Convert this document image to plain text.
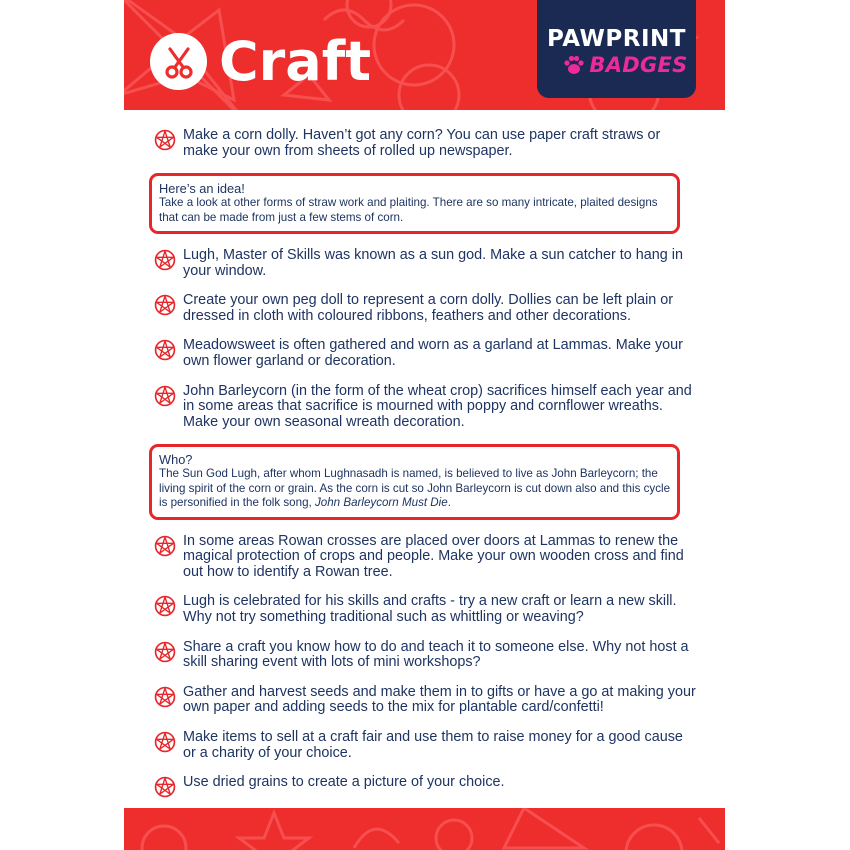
Craft	PAWPRINT
BADGES
Make a corn dolly. Haven’t got any corn? You can use paper craft straws or make your own from sheets of rolled up newspaper.
Here’s an idea!
Take a look at other forms of straw work and plaiting. There are so many intricate, plaited designs that can be made from just a few stems of corn.
Lugh, Master of Skills was known as a sun god. Make a sun catcher to hang in your window.
Create your own peg doll to represent a corn dolly. Dollies can be left plain or dressed in cloth with coloured ribbons, feathers and other decorations.
Meadowsweet is often gathered and worn as a garland at Lammas. Make your own flower garland or decoration.
John Barleycorn (in the form of the wheat crop) sacrifices himself each year and in some areas that sacrifice is mourned with poppy and cornflower wreaths. Make your own seasonal wreath decoration.
Who?
The Sun God Lugh, after whom Lughnasadh is named, is believed to live as John Barleycorn; the living spirit of the corn or grain. As the corn is cut so John Barleycorn is cut down also and this cycle is personified in the folk song, John Barleycorn Must Die.
In some areas Rowan crosses are placed over doors at Lammas to renew the magical protection of crops and people. Make your own wooden cross and find out how to identify a Rowan tree.
Lugh is celebrated for his skills and crafts - try a new craft or learn a new skill. Why not try something traditional such as whittling or weaving?
Share a craft you know how to do and teach it to someone else. Why not host a skill sharing event with lots of mini workshops?
Gather and harvest seeds and make them in to gifts or have a go at making your own paper and adding seeds to the mix for plantable card/confetti!
Make items to sell at a craft fair and use them to raise money for a good cause or a charity of your choice.
Use dried grains to create a picture of your choice.
